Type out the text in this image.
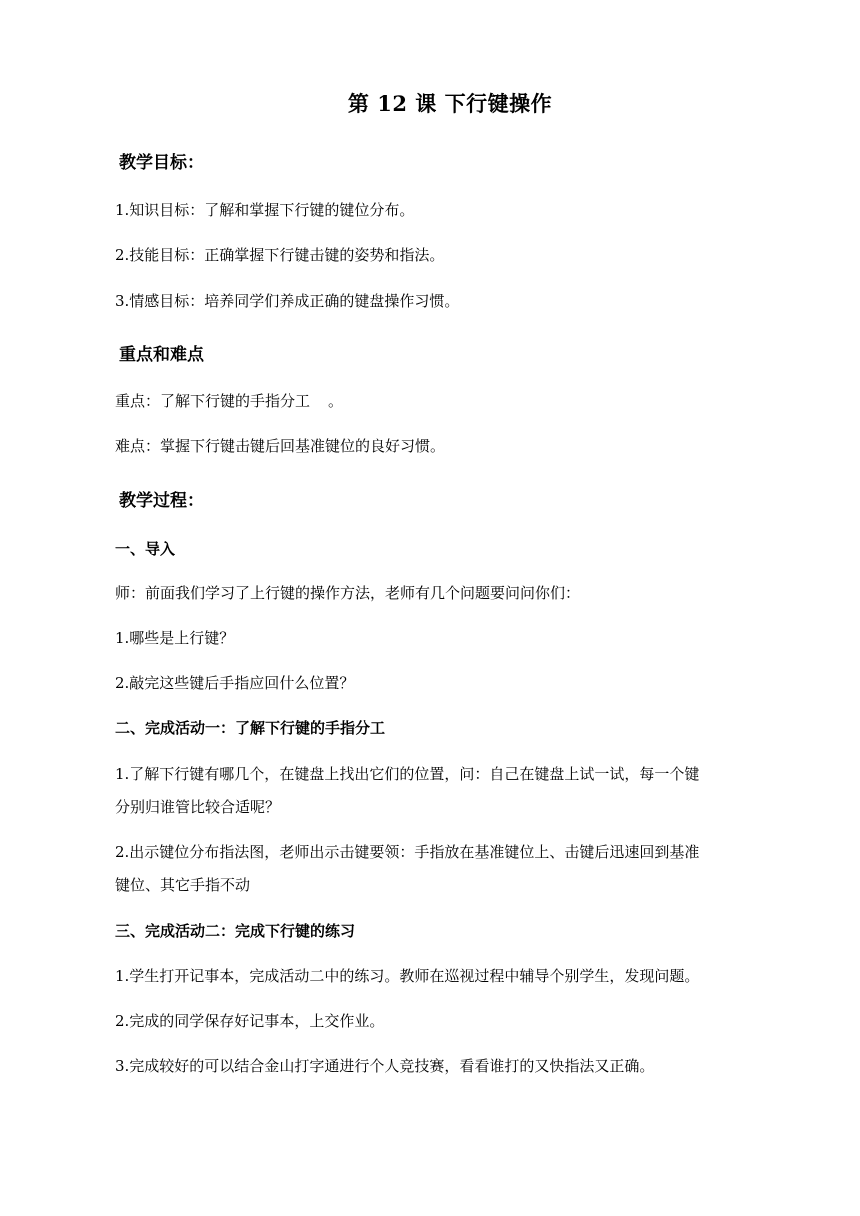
第 12 课 下行键操作
教学目标：
1.知识目标：了解和掌握下行键的键位分布。
2.技能目标：正确掌握下行键击键的姿势和指法。
3.情感目标：培养同学们养成正确的键盘操作习惯。
重点和难点
重点：了解下行键的手指分工 。
难点：掌握下行键击键后回基准键位的良好习惯。
教学过程：
一、导入
师：前面我们学习了上行键的操作方法，老师有几个问题要问问你们：
1.哪些是上行键？
2.敲完这些键后手指应回什么位置？
二、完成活动一：了解下行键的手指分工
1.了解下行键有哪几个，在键盘上找出它们的位置，问：自己在键盘上试一试，每一个键
分别归谁管比较合适呢？
2.出示键位分布指法图，老师出示击键要领：手指放在基准键位上、击键后迅速回到基准
键位、其它手指不动
三、完成活动二：完成下行键的练习
1.学生打开记事本，完成活动二中的练习。教师在巡视过程中辅导个别学生，发现问题。
2.完成的同学保存好记事本，上交作业。
3.完成较好的可以结合金山打字通进行个人竞技赛，看看谁打的又快指法又正确。
